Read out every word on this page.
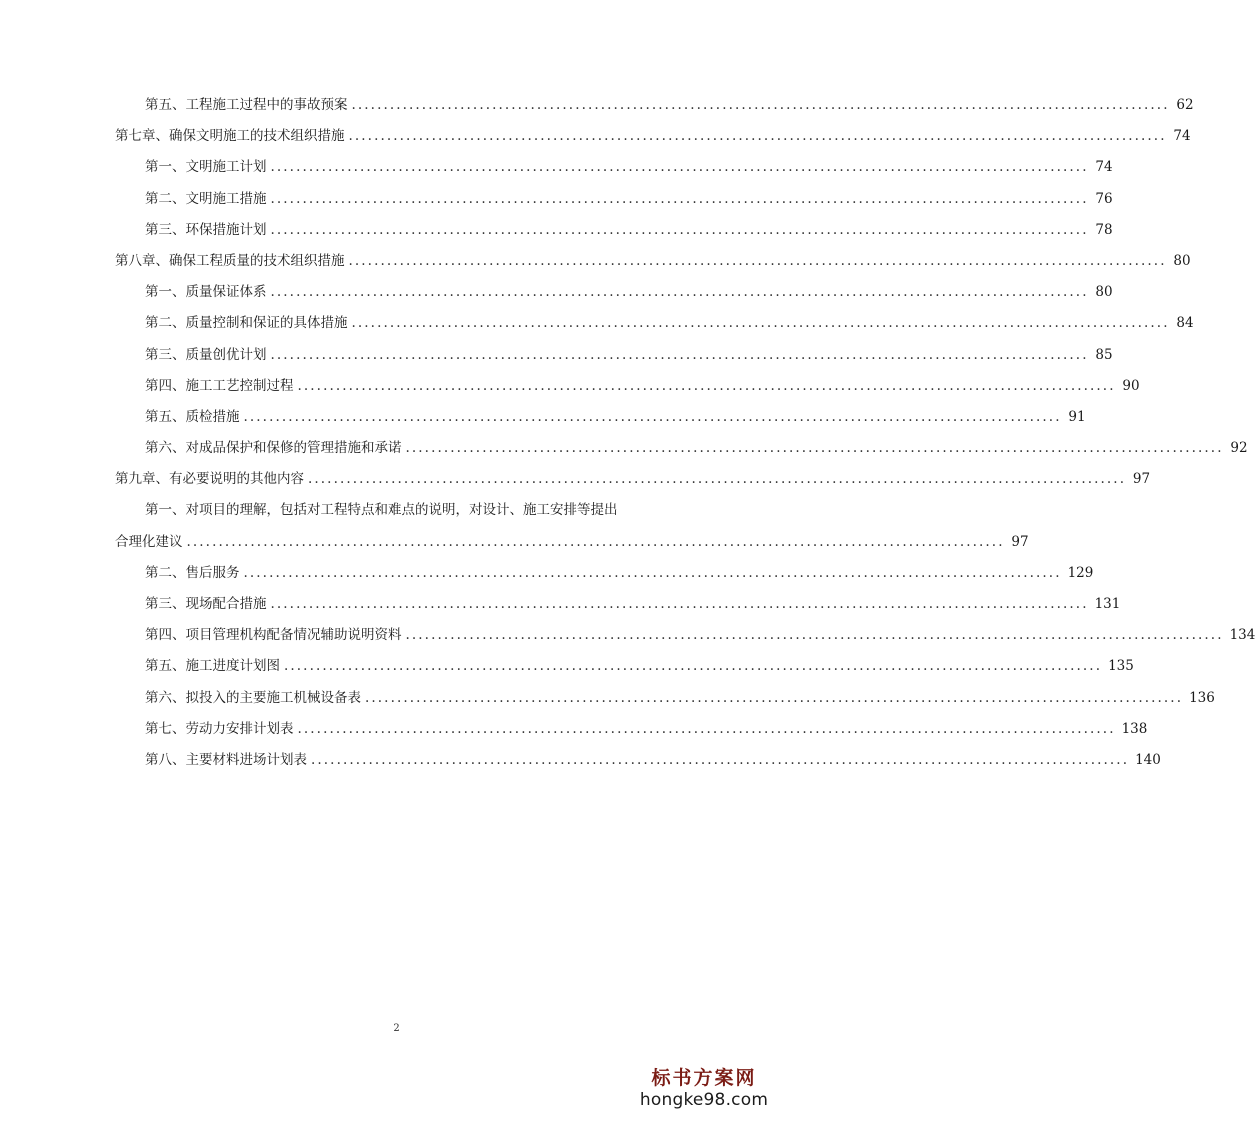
第五、工程施工过程中的事故预案 ................................................................................................................................ 62
第七章、确保文明施工的技术组织措施 ................................................................................................................................ 74
第一、文明施工计划 ................................................................................................................................ 74
第二、文明施工措施 ................................................................................................................................ 76
第三、环保措施计划 ................................................................................................................................ 78
第八章、确保工程质量的技术组织措施 ................................................................................................................................ 80
第一、质量保证体系 ................................................................................................................................ 80
第二、质量控制和保证的具体措施 ................................................................................................................................ 84
第三、质量创优计划 ................................................................................................................................ 85
第四、施工工艺控制过程 ................................................................................................................................ 90
第五、质检措施 ................................................................................................................................ 91
第六、对成品保护和保修的管理措施和承诺 ................................................................................................................................ 92
第九章、有必要说明的其他内容 ................................................................................................................................ 97
第一、对项目的理解，包括对工程特点和难点的说明，对设计、施工安排等提出
合理化建议 ................................................................................................................................ 97
第二、售后服务 ................................................................................................................................ 129
第三、现场配合措施 ................................................................................................................................ 131
第四、项目管理机构配备情况辅助说明资料 ................................................................................................................................ 134
第五、施工进度计划图 ................................................................................................................................ 135
第六、拟投入的主要施工机械设备表 ................................................................................................................................ 136
第七、劳动力安排计划表 ................................................................................................................................ 138
第八、主要材料进场计划表 ................................................................................................................................ 140
2
标书方案网
hongke98.com
